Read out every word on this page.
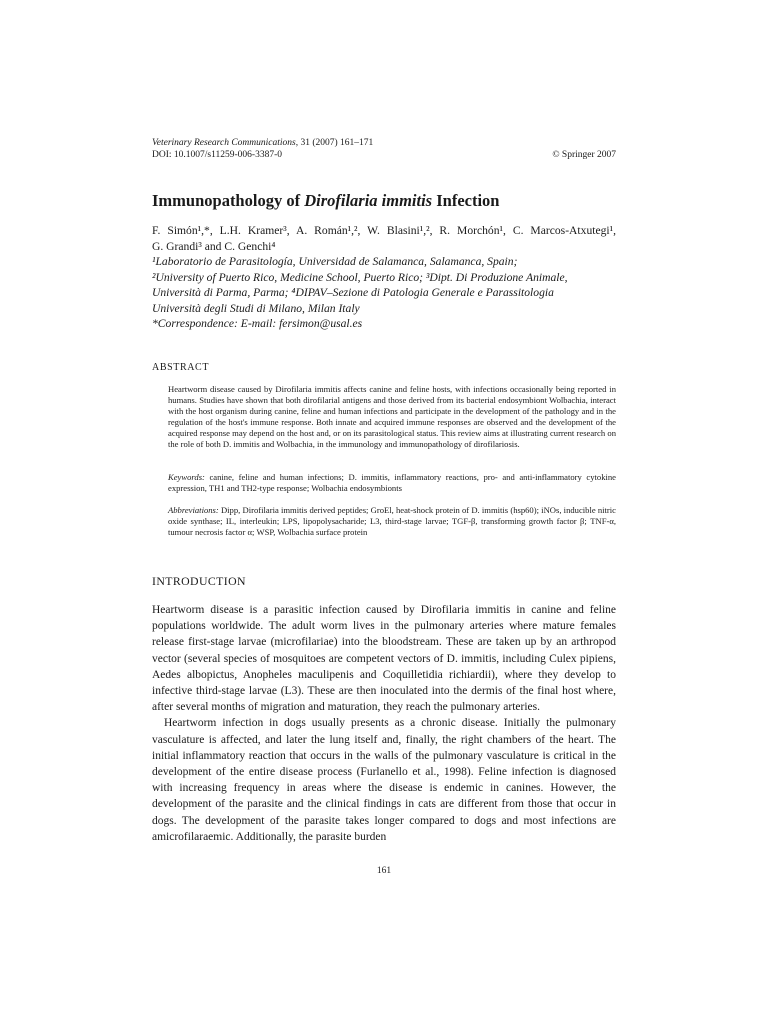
Veterinary Research Communications, 31 (2007) 161–171
DOI: 10.1007/s11259-006-3387-0	© Springer 2007
Immunopathology of Dirofilaria immitis Infection
F. Simón¹,*, L.H. Kramer³, A. Román¹,², W. Blasini¹,², R. Morchón¹, C. Marcos-Atxutegi¹,
G. Grandi³ and C. Genchi⁴
¹Laboratorio de Parasitología, Universidad de Salamanca, Salamanca, Spain;
²University of Puerto Rico, Medicine School, Puerto Rico; ³Dipt. Di Produzione Animale,
Università di Parma, Parma; ⁴DIPAV–Sezione di Patologia Generale e Parassitologia
Università degli Studi di Milano, Milan Italy
*Correspondence: E-mail: fersimon@usal.es
ABSTRACT
Heartworm disease caused by Dirofilaria immitis affects canine and feline hosts, with infections occasionally being reported in humans. Studies have shown that both dirofilarial antigens and those derived from its bacterial endosymbiont Wolbachia, interact with the host organism during canine, feline and human infections and participate in the development of the pathology and in the regulation of the host's immune response. Both innate and acquired immune responses are observed and the development of the acquired response may depend on the host and, or on its parasitological status. This review aims at illustrating current research on the role of both D. immitis and Wolbachia, in the immunology and immunopathology of dirofilariosis.
Keywords: canine, feline and human infections; D. immitis, inflammatory reactions, pro- and anti-inflammatory cytokine expression, TH1 and TH2-type response; Wolbachia endosymbionts
Abbreviations: Dipp, Dirofilaria immitis derived peptides; GroEl, heat-shock protein of D. immitis (hsp60); iNOs, inducible nitric oxide synthase; IL, interleukin; LPS, lipopolysacharide; L3, third-stage larvae; TGF-β, transforming growth factor β; TNF-α, tumour necrosis factor α; WSP, Wolbachia surface protein
INTRODUCTION

Heartworm disease is a parasitic infection caused by Dirofilaria immitis in canine and feline populations worldwide. The adult worm lives in the pulmonary arteries where mature females release first-stage larvae (microfilariae) into the bloodstream. These are taken up by an arthropod vector (several species of mosquitoes are competent vectors of D. immitis, including Culex pipiens, Aedes albopictus, Anopheles maculipenis and Coquilletidia richiardii), where they develop to infective third-stage larvae (L3). These are then inoculated into the dermis of the final host where, after several months of migration and maturation, they reach the pulmonary arteries.

Heartworm infection in dogs usually presents as a chronic disease. Initially the pulmonary vasculature is affected, and later the lung itself and, finally, the right chambers of the heart. The initial inflammatory reaction that occurs in the walls of the pulmonary vasculature is critical in the development of the entire disease process (Furlanello et al., 1998). Feline infection is diagnosed with increasing frequency in areas where the disease is endemic in canines. However, the development of the parasite and the clinical findings in cats are different from those that occur in dogs. The development of the parasite takes longer compared to dogs and most infections are amicrofilaraemic. Additionally, the parasite burden

161
